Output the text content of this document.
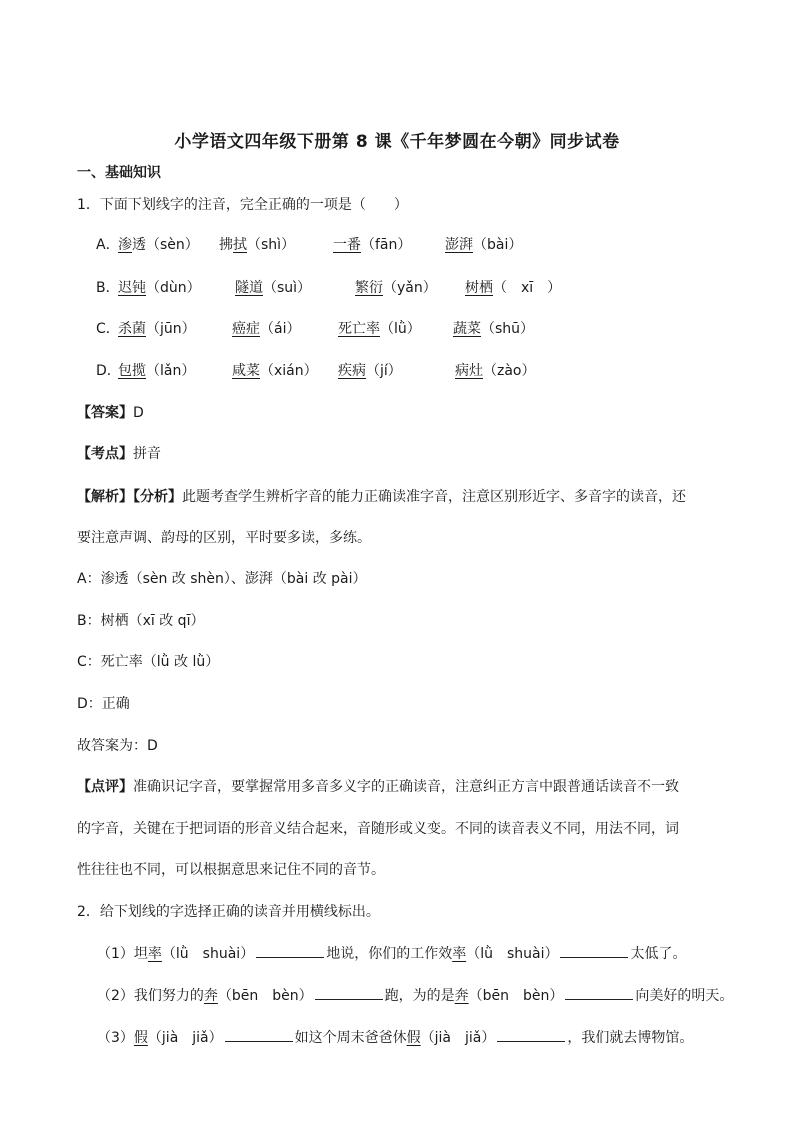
小学语文四年级下册第 8 课《千年梦圆在今朝》同步试卷
一、基础知识
1．下面下划线字的注音，完全正确的一项是（　　）
A．
渗透（sèn） 拂拭（shì）	一番（fān） 澎湃（bài）
B．
迟钝（dùn） 隧道（suì）	繁衍（yǎn） 树栖（　xī　）
C．
杀菌（jūn）	癌症（ái）	死亡率（lǜ） 蔬菜（shū）
D．
包揽（lǎn）	咸菜（xián） 疾病（jí）	病灶（zào）
【答案】D
【考点】拼音
【解析】【分析】此题考查学生辨析字音的能力正确读准字音，注意区别形近字、多音字的读音，还
要注意声调、韵母的区别，平时要多读，多练。
A：渗透（sèn 改 shèn）、澎湃（bài 改 pài）
B：树栖（xī 改 qī）
C：死亡率（lǜ 改 lǜ）
D：正确
故答案为：D
【点评】准确识记字音，要掌握常用多音多义字的正确读音，注意纠正方言中跟普通话读音不一致
的字音，关键在于把词语的形音义结合起来，音随形或义变。不同的读音表义不同，用法不同，词
性往往也不同，可以根据意思来记住不同的音节。
2．给下划线的字选择正确的读音并用横线标出。
（1）坦率（lǜ　shuài）	地说，你们的工作效率（lǜ　shuài）	太低了。
（2）我们努力的奔（bēn　bèn）	跑，为的是奔（bēn　bèn）	向美好的明天。
（3）假（jià　jiǎ）	如这个周末爸爸休假（jià　jiǎ）	，我们就去博物馆。
